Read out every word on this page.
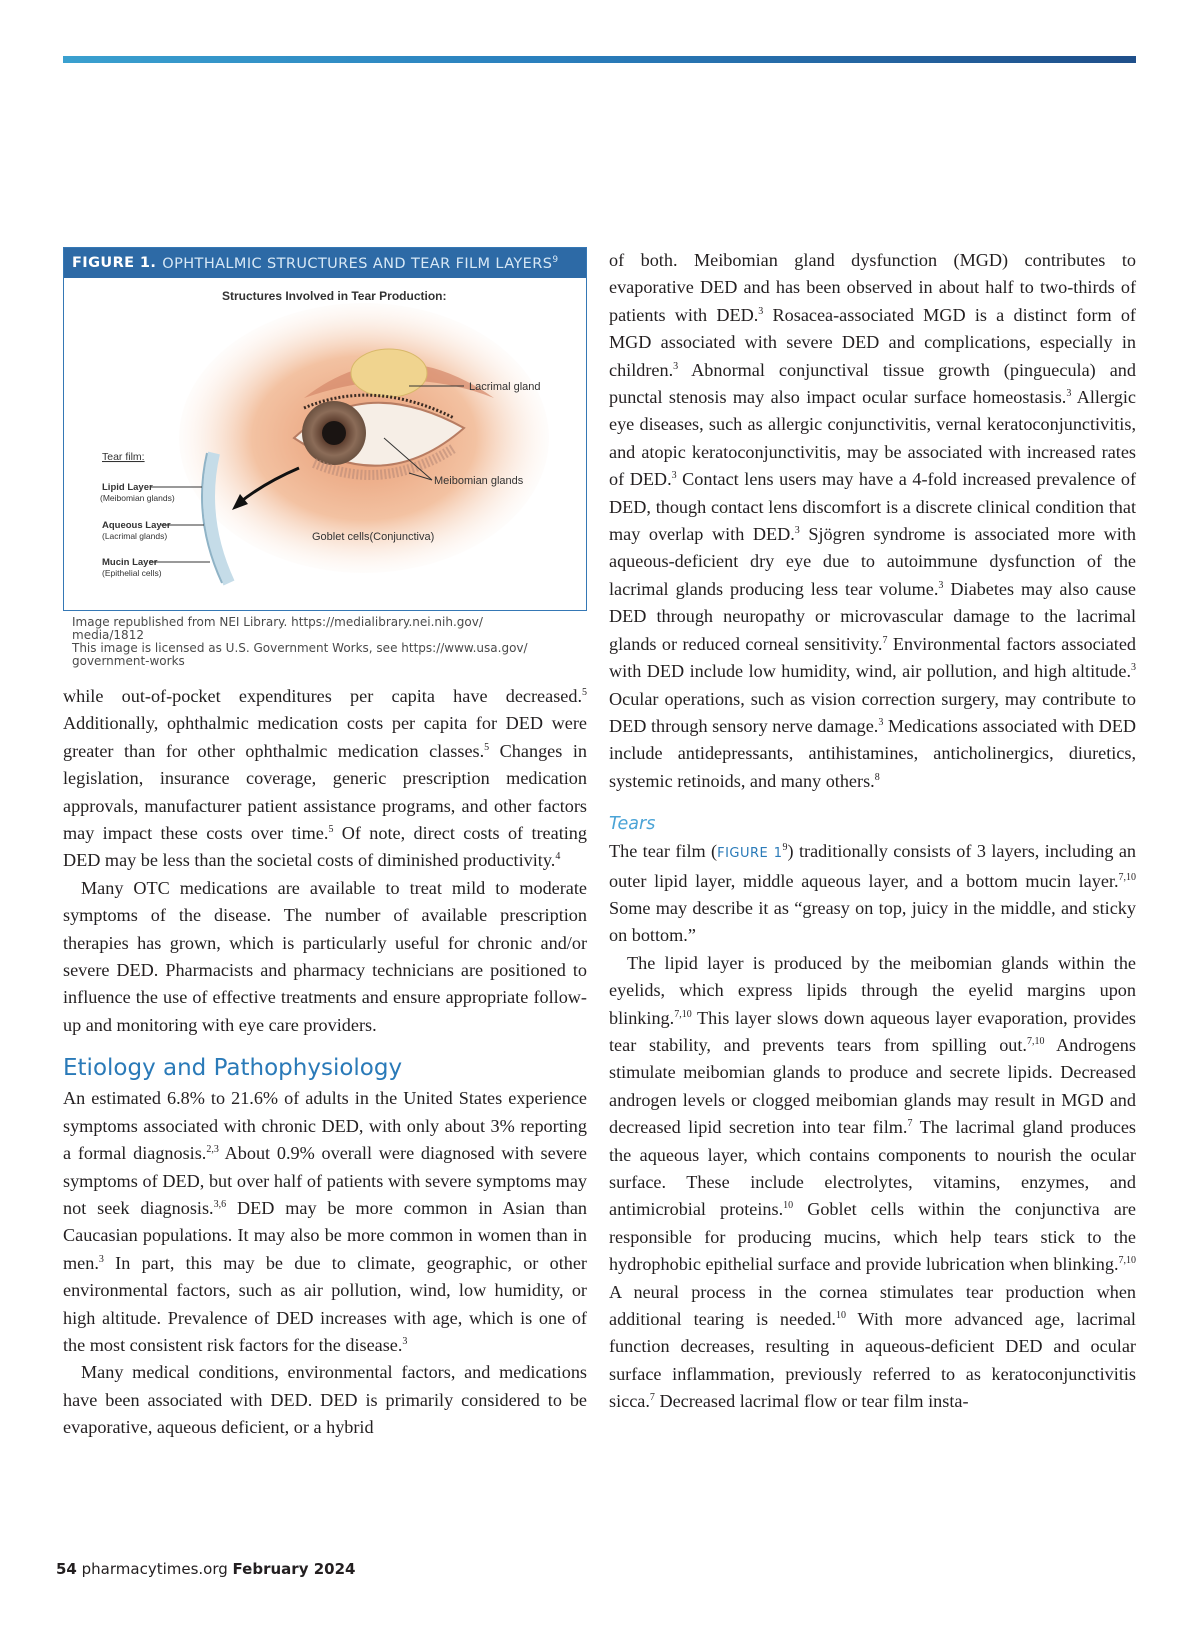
FIGURE 1. OPHTHALMIC STRUCTURES AND TEAR FILM LAYERS$^9$
Structures Involved in Tear Production:
Lacrimal gland
Meibomian glands
Goblet cells(Conjunctiva)
Tear film:
Lipid Layer
(Meibomian glands)
Aqueous Layer
(Lacrimal glands)
Mucin Layer
(Epithelial cells)
Image republished from NEI Library. https://medialibrary.nei.nih.gov/
media/1812
This image is licensed as U.S. Government Works, see https://www.usa.gov/
government-works

while out-of-pocket expenditures per capita have decreased.$^5$ Additionally, ophthalmic medication costs per capita for DED were greater than for other ophthalmic medication classes.$^5$ Changes in legislation, insurance coverage, generic prescription medication approvals, manufacturer patient assistance programs, and other factors may impact these costs over time.$^5$ Of note, direct costs of treating DED may be less than the societal costs of diminished productivity.$^4$

Many OTC medications are available to treat mild to moderate symptoms of the disease. The number of available prescription therapies has grown, which is particularly useful for chronic and/or severe DED. Pharmacists and pharmacy technicians are positioned to influence the use of effective treatments and ensure appropriate follow-up and monitoring with eye care providers.

Etiology and Pathophysiology

An estimated 6.8% to 21.6% of adults in the United States experience symptoms associated with chronic DED, with only about 3% reporting a formal diagnosis.$^{2,3}$ About 0.9% overall were diagnosed with severe symptoms of DED, but over half of patients with severe symptoms may not seek diagnosis.$^{3,6}$ DED may be more common in Asian than Caucasian populations. It may also be more common in women than in men.$^3$ In part, this may be due to climate, geographic, or other environmental factors, such as air pollution, wind, low humidity, or high altitude. Prevalence of DED increases with age, which is one of the most consistent risk factors for the disease.$^3$

Many medical conditions, environmental factors, and medications have been associated with DED. DED is primarily considered to be evaporative, aqueous deficient, or a hybrid

of both. Meibomian gland dysfunction (MGD) contributes to evaporative DED and has been observed in about half to two-thirds of patients with DED.$^3$ Rosacea-associated MGD is a distinct form of MGD associated with severe DED and complications, especially in children.$^3$ Abnormal conjunctival tissue growth (pinguecula) and punctal stenosis may also impact ocular surface homeostasis.$^3$ Allergic eye diseases, such as allergic conjunctivitis, vernal keratoconjunctivitis, and atopic keratoconjunctivitis, may be associated with increased rates of DED.$^3$ Contact lens users may have a 4-fold increased prevalence of DED, though contact lens discomfort is a discrete clinical condition that may overlap with DED.$^3$ Sjögren syndrome is associated more with aqueous-deficient dry eye due to autoimmune dysfunction of the lacrimal glands producing less tear volume.$^3$ Diabetes may also cause DED through neuropathy or microvascular damage to the lacrimal glands or reduced corneal sensitivity.$^7$ Environmental factors associated with DED include low humidity, wind, air pollution, and high altitude.$^3$ Ocular operations, such as vision correction surgery, may contribute to DED through sensory nerve damage.$^3$ Medications associated with DED include antidepressants, antihistamines, anticholinergics, diuretics, systemic retinoids, and many others.$^8$

Tears

The tear film (FIGURE $1^9$) traditionally consists of 3 layers, including an outer lipid layer, middle aqueous layer, and a bottom mucin layer.$^{7,10}$ Some may describe it as “greasy on top, juicy in the middle, and sticky on bottom.”

The lipid layer is produced by the meibomian glands within the eyelids, which express lipids through the eyelid margins upon blinking.$^{7,10}$ This layer slows down aqueous layer evaporation, provides tear stability, and prevents tears from spilling out.$^{7,10}$ Androgens stimulate meibomian glands to produce and secrete lipids. Decreased androgen levels or clogged meibomian glands may result in MGD and decreased lipid secretion into tear film.$^7$ The lacrimal gland produces the aqueous layer, which contains components to nourish the ocular surface. These include electrolytes, vitamins, enzymes, and antimicrobial proteins.$^{10}$ Goblet cells within the conjunctiva are responsible for producing mucins, which help tears stick to the hydrophobic epithelial surface and provide lubrication when blinking.$^{7,10}$ A neural process in the cornea stimulates tear production when additional tearing is needed.$^{10}$ With more advanced age, lacrimal function decreases, resulting in aqueous-deficient DED and ocular surface inflammation, previously referred to as keratoconjunctivitis sicca.$^7$ Decreased lacrimal flow or tear film insta-

54 pharmacytimes.org February 2024
